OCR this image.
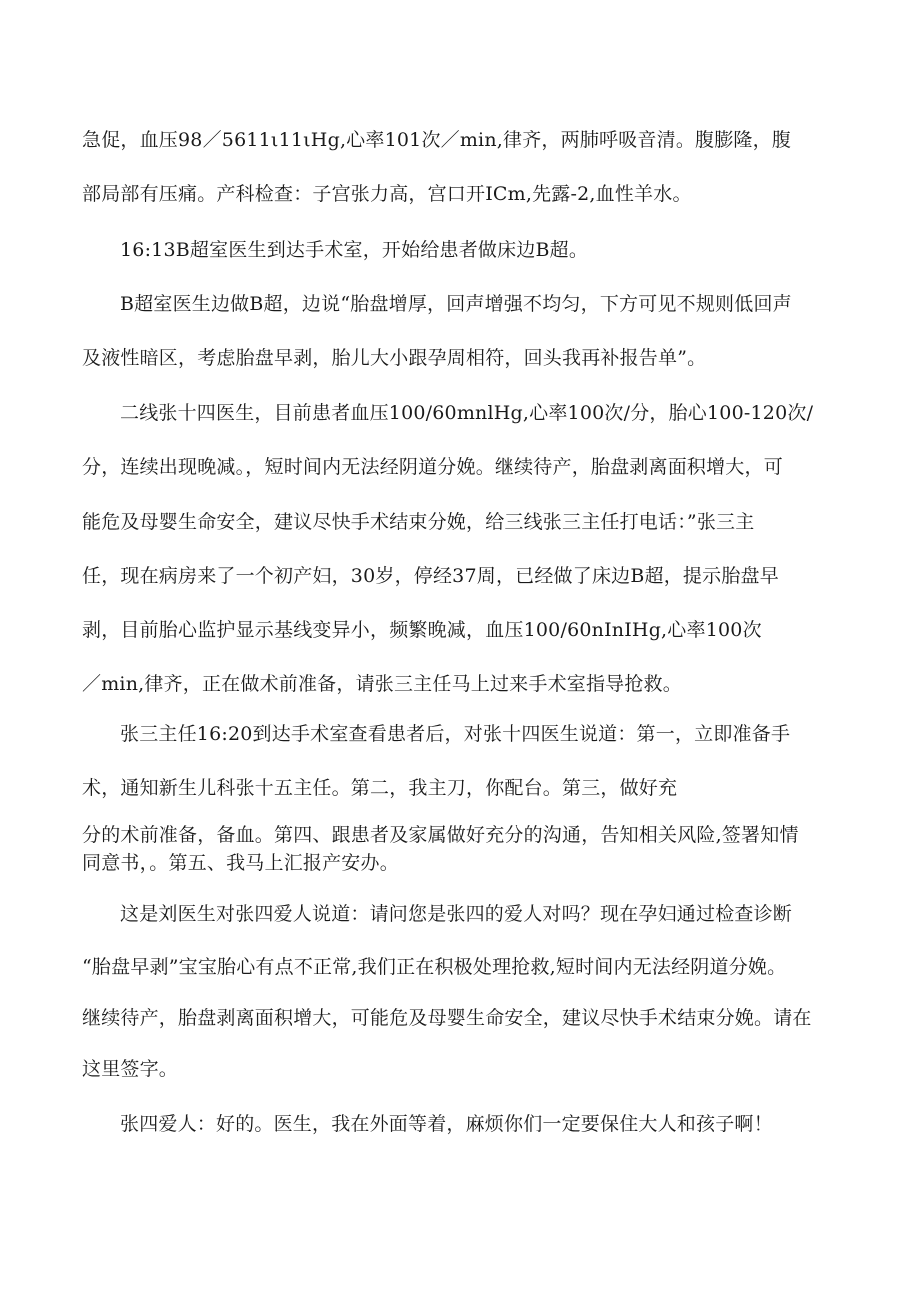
急促，血压98／5611ι11ιHg,心率101次／min,律齐，两肺呼吸音清。腹膨隆，腹
部局部有压痛。产科检查：子宫张力高，宫口开ICm,先露-2,血性羊水。
16:13B超室医生到达手术室，开始给患者做床边B超。
B超室医生边做B超，边说“胎盘增厚，回声增强不均匀，下方可见不规则低回声
及液性暗区，考虑胎盘早剥，胎儿大小跟孕周相符，回头我再补报告单”。
二线张十四医生，目前患者血压100/60mnlHg,心率100次/分，胎心100-120次/
分，连续出现晚减。，短时间内无法经阴道分娩。继续待产，胎盘剥离面积增大，可
能危及母婴生命安全，建议尽快手术结束分娩，给三线张三主任打电话：”张三主
任，现在病房来了一个初产妇，30岁，停经37周，已经做了床边B超，提示胎盘早
剥，目前胎心监护显示基线变异小，频繁晚减，血压100/60nInIHg,心率100次
／min,律齐，正在做术前准备，请张三主任马上过来手术室指导抢救。
张三主任16:20到达手术室查看患者后，对张十四医生说道：第一，立即准备手
术，通知新生儿科张十五主任。第二，我主刀，你配台。第三，做好充
分的术前准备，备血。第四、跟患者及家属做好充分的沟通，告知相关风险,签署知情
同意书，。第五、我马上汇报产安办。
这是刘医生对张四爱人说道：请问您是张四的爱人对吗？现在孕妇通过检查诊断
“胎盘早剥”宝宝胎心有点不正常,我们正在积极处理抢救,短时间内无法经阴道分娩。
继续待产，胎盘剥离面积增大，可能危及母婴生命安全，建议尽快手术结束分娩。请在
这里签字。
张四爱人：好的。医生，我在外面等着，麻烦你们一定要保住大人和孩子啊！
